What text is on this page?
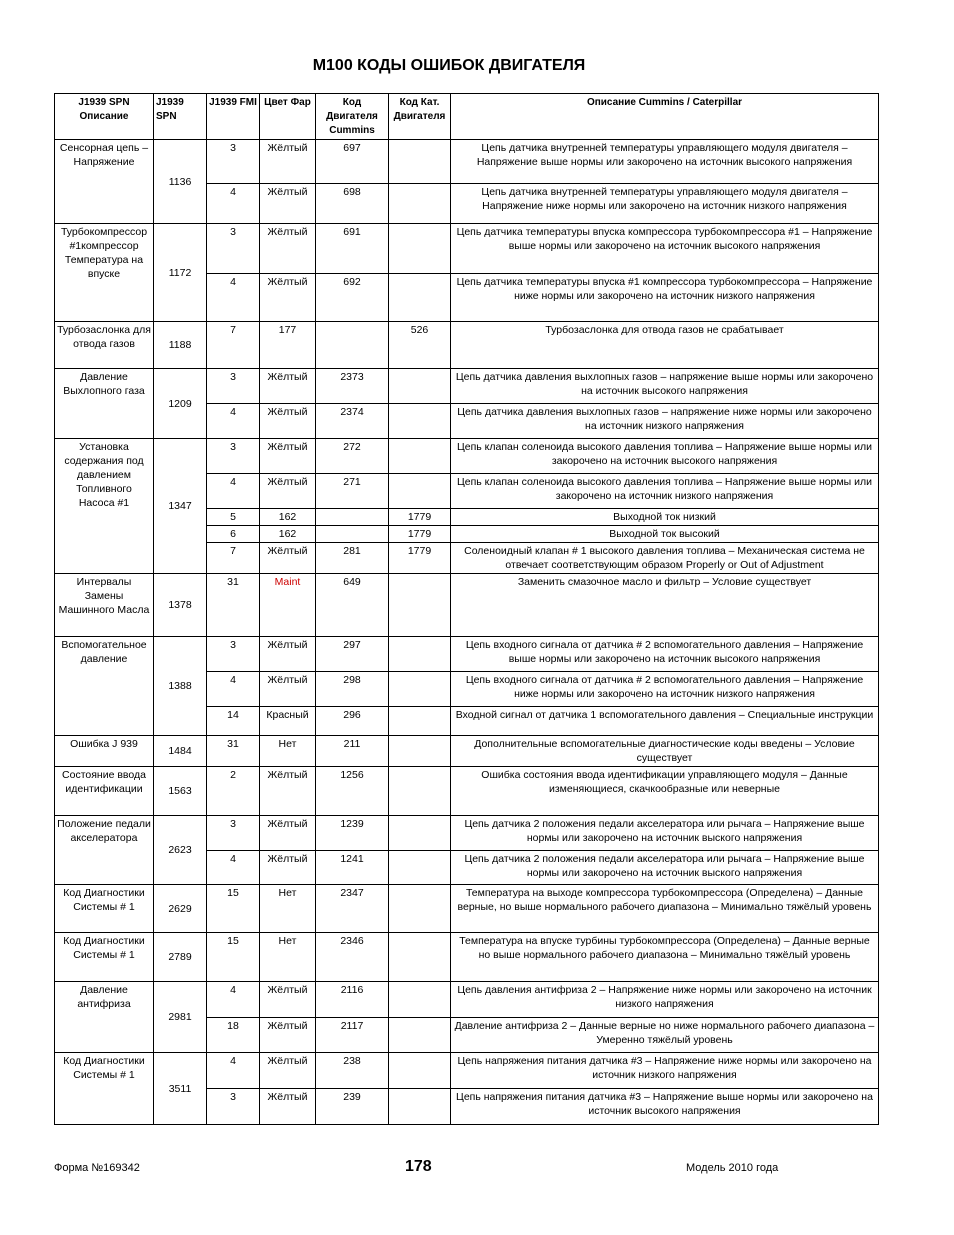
М100 КОДЫ ОШИБОК ДВИГАТЕЛЯ
J1939 SPN Описание	J1939 SPN	J1939 FMI	Цвет Фар	Код Двигателя Cummins	Код Кат. Двигателя	Описание Cummins / Caterpillar
Сенсорная цепь – Напряжение	1136	3	Жёлтый	697		Цепь датчика внутренней температуры управляющего модуля двигателя – Напряжение выше нормы или закорочено на источник высокого напряжения
		4	Жёлтый	698		Цепь датчика внутренней температуры управляющего модуля двигателя – Напряжение ниже нормы или закорочено на источник низкого напряжения
Турбокомпрессор #1компрессор Температура на впуске	1172	3	Жёлтый	691		Цепь датчика температуры впуска компрессора турбокомпрессора #1 – Напряжение выше нормы или закорочено на источник высокого напряжения
		4	Жёлтый	692		Цепь датчика температуры впуска #1 компрессора турбокомпрессора – Напряжение ниже нормы или закорочено на источник низкого напряжения
Турбозаслонка для отвода газов	1188	7	177		526	Турбозаслонка для отвода газов не срабатывает
Давление Выхлопного газа	1209	3	Жёлтый	2373		Цепь датчика давления выхлопных газов – напряжение выше нормы или закорочено на источник высокого напряжения
		4	Жёлтый	2374		Цепь датчика давления выхлопных газов – напряжение ниже нормы или закорочено на источник низкого напряжения
Установка содержания под давлением Топливного Насоса #1	1347	3	Жёлтый	272		Цепь клапан соленоида высокого давления топлива – Напряжение выше нормы или закорочено на источник высокого напряжения
		4	Жёлтый	271		Цепь клапан соленоида высокого давления топлива – Напряжение выше нормы или закорочено на источник низкого напряжения
		5	162		1779	Выходной ток низкий
		6	162		1779	Выходной ток высокий
		7	Жёлтый	281	1779	Соленоидный клапан # 1 высокого давления топлива – Механическая система не отвечает соответствующим образом Properly or Out of Adjustment
Интервалы Замены Машинного Масла	1378	31	Maint	649		Заменить смазочное масло и фильтр – Условие существует
Вспомогательное давление	1388	3	Жёлтый	297		Цепь входного сигнала от датчика # 2 вспомогательного давления – Напряжение выше нормы или закорочено на источник высокого напряжения
		4	Жёлтый	298		Цепь входного сигнала от датчика # 2 вспомогательного давления – Напряжение ниже нормы или закорочено на источник низкого напряжения
		14	Красный	296		Входной сигнал от датчика 1 вспомогательного давления – Специальные инструкции
Ошибка J 939	1484	31	Нет	211		Дополнительные вспомогательные диагностические коды введены – Условие существует
Состояние ввода идентификации	1563	2	Жёлтый	1256		Ошибка состояния ввода идентификации управляющего модуля – Данные изменяющиеся, скачкообразные или неверные
Положение педали акселератора	2623	3	Жёлтый	1239		Цепь датчика 2 положения педали акселератора или рычага – Напряжение выше нормы или закорочено на источник выского напряжения
		4	Жёлтый	1241		Цепь датчика 2 положения педали акселератора или рычага – Напряжение выше нормы или закорочено на источник выского напряжения
Код Диагностики Системы # 1	2629	15	Нет	2347		Температура на выходе компрессора турбокомпрессора (Определена) – Данные верные, но выше нормального рабочего диапазона – Минимально тяжёлый уровень
Код Диагностики Системы # 1	2789	15	Нет	2346		Температура на впуске турбины турбокомпрессора (Определена) – Данные верные но выше нормального рабочего диапазона – Минимально тяжёлый уровень
Давление антифриза	2981	4	Жёлтый	2116		Цепь давления антифриза 2 – Напряжение ниже нормы или закорочено на источник низкого напряжения
		18	Жёлтый	2117		Давление антифриза 2 – Данные верные но ниже нормального рабочего диапазона – Умеренно тяжёлый уровень
Код Диагностики Системы # 1	3511	4	Жёлтый	238		Цепь напряжения питания датчика #3 – Напряжение ниже нормы или закорочено на источник низкого напряжения
		3	Жёлтый	239		Цепь напряжения питания датчика #3 – Напряжение выше нормы или закорочено на источник высокого напряжения
Форма №169342	178	Модель 2010 года
